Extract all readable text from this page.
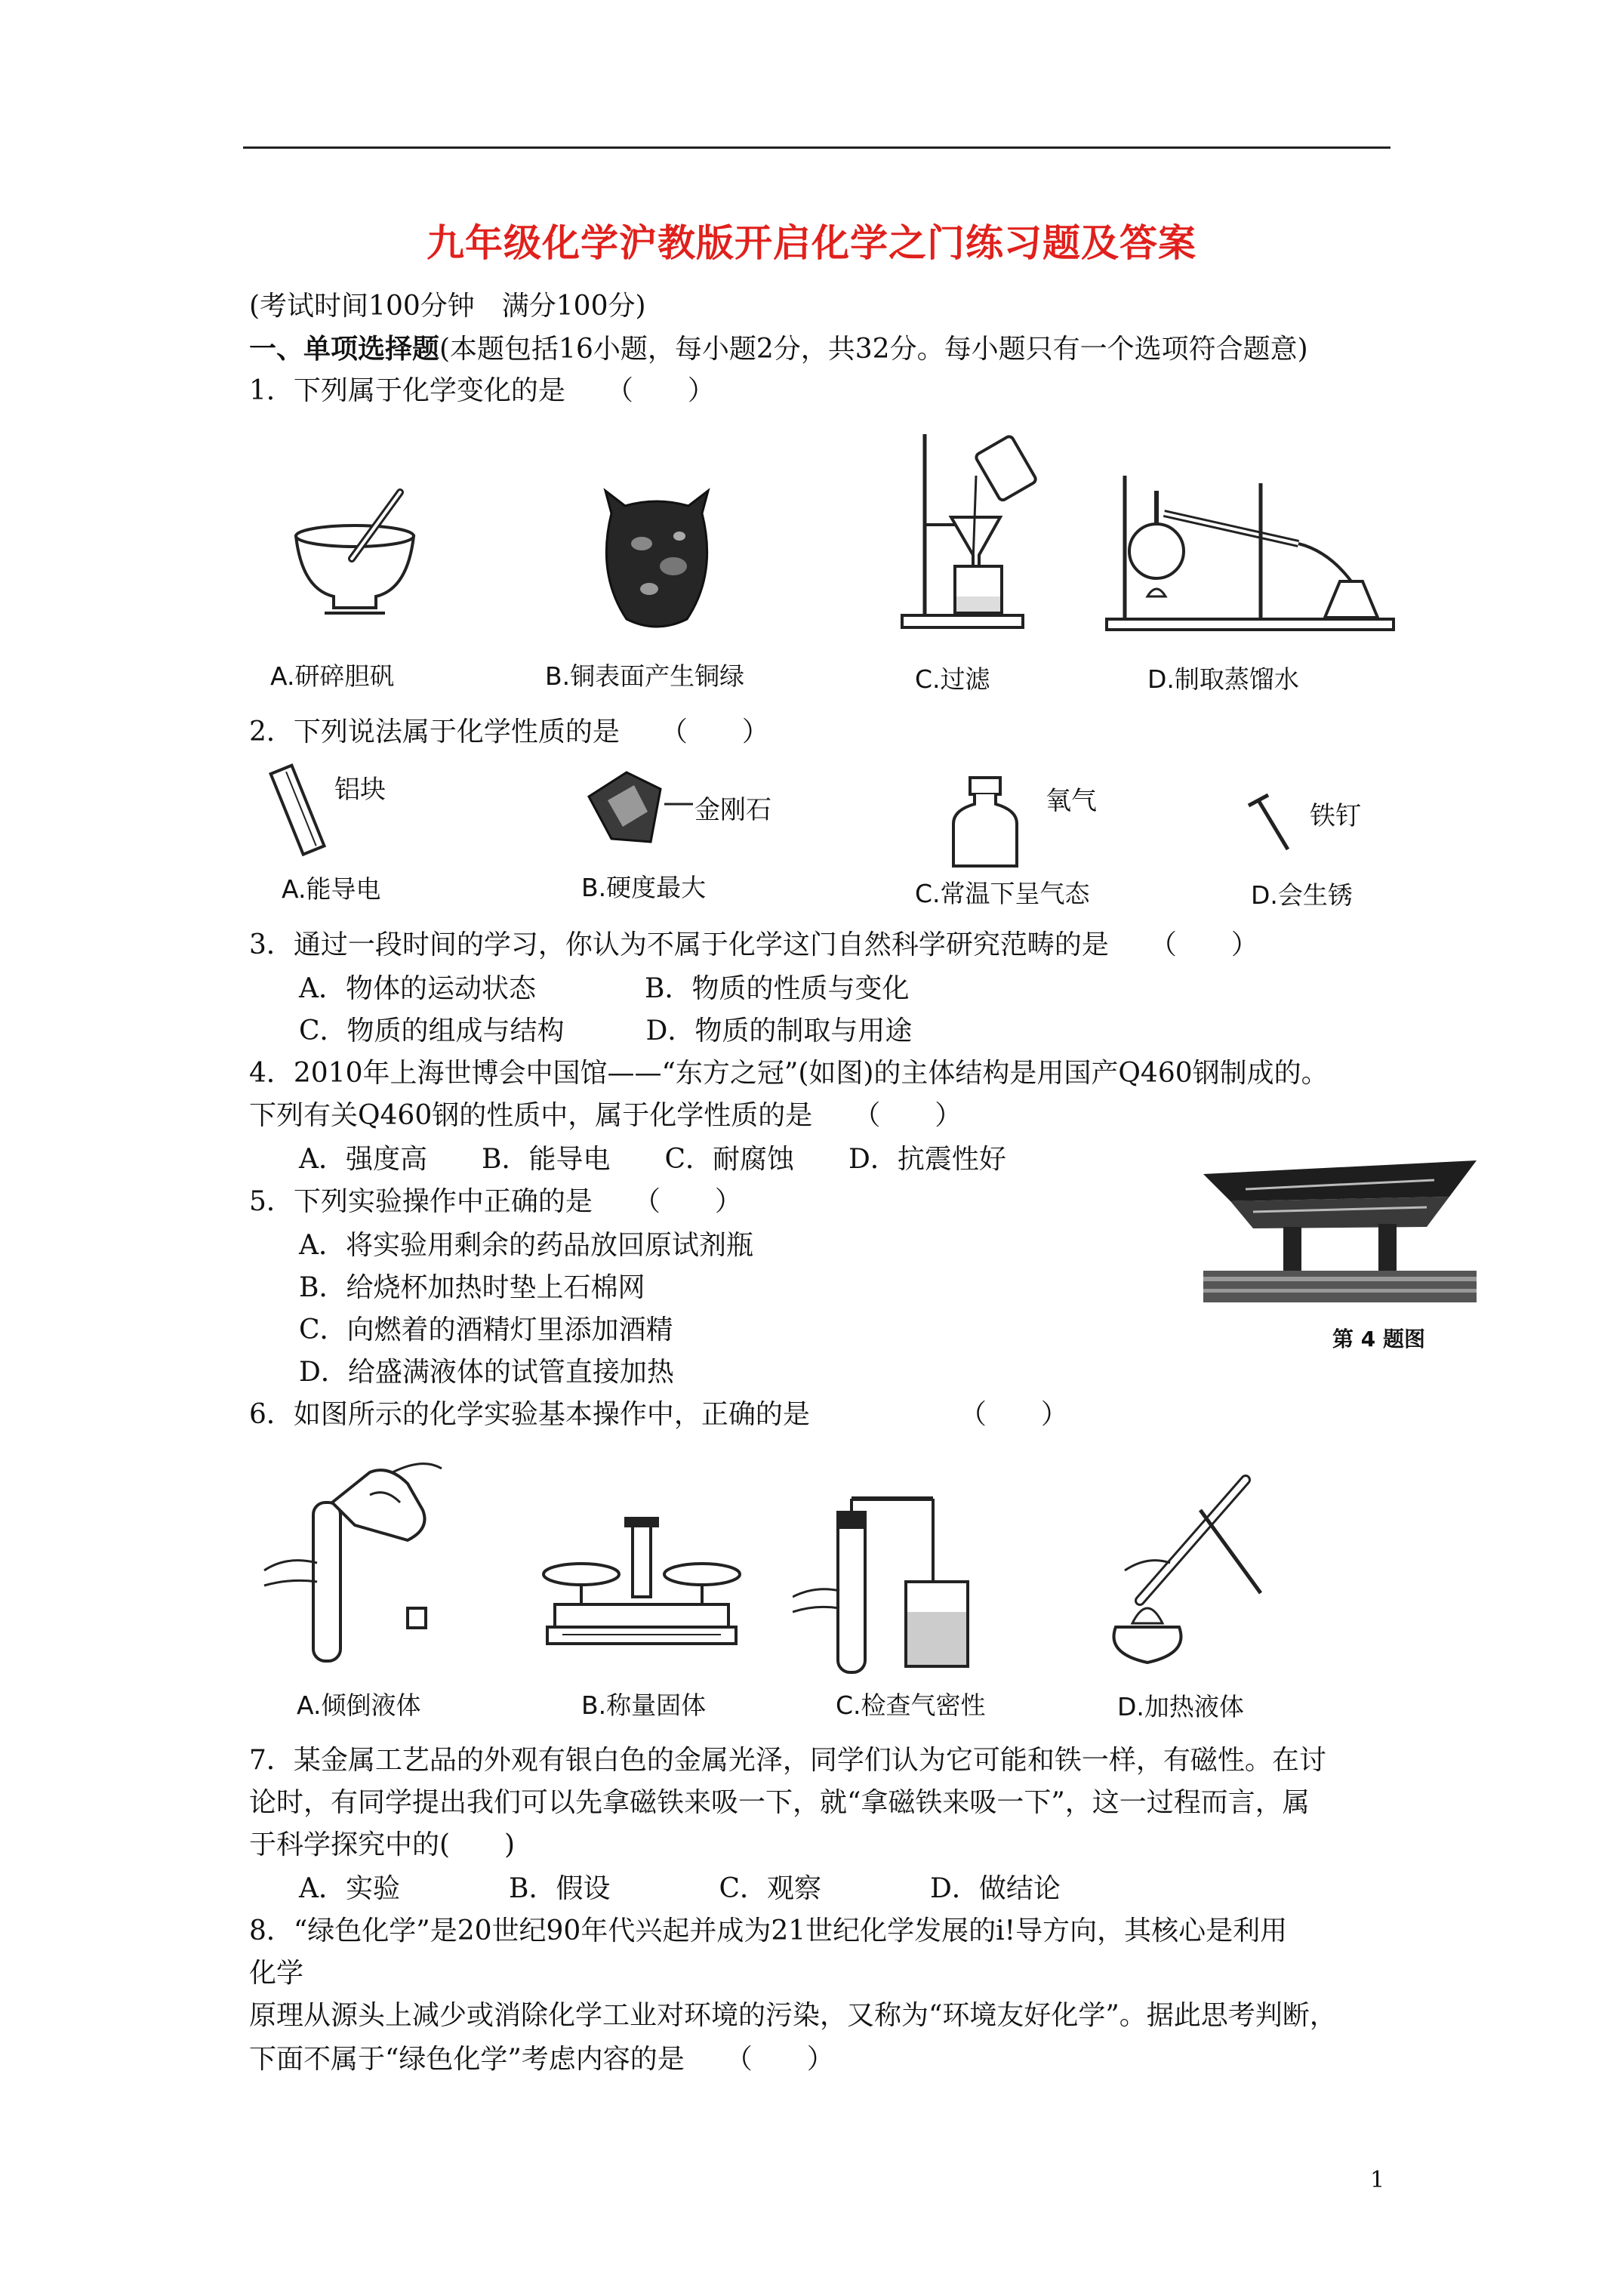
九年级化学沪教版开启化学之门练习题及答案
(考试时间100分钟　满分100分)
一、单项选择题(本题包括16小题，每小题2分，共32分。每小题只有一个选项符合题意)
1．下列属于化学变化的是　　（　　）
A.研碎胆矾	B.铜表面产生铜绿	C.过滤	D.制取蒸馏水
2．下列说法属于化学性质的是　　（　　）
铝块
金刚石	氧气	铁钉
A.能导电	B.硬度最大	C.常温下呈气态	D.会生锈
3．通过一段时间的学习，你认为不属于化学这门自然科学研究范畴的是　　（　　）
A．物体的运动状态　　　　B．物质的性质与变化
C．物质的组成与结构　　　D．物质的制取与用途
4．2010年上海世博会中国馆——“东方之冠”(如图)的主体结构是用国产Q460钢制成的。
下列有关Q460钢的性质中，属于化学性质的是　　（　　）
A．强度高　　B．能导电　　C．耐腐蚀　　D．抗震性好
第 4 题图
5．下列实验操作中正确的是　　（　　）
A．将实验用剩余的药品放回原试剂瓶
B．给烧杯加热时垫上石棉网
C．向燃着的酒精灯里添加酒精
D．给盛满液体的试管直接加热
6．如图所示的化学实验基本操作中，正确的是　　　　　　（　　）
A.倾倒液体	B.称量固体	C.检查气密性	D.加热液体
7．某金属工艺品的外观有银白色的金属光泽，同学们认为它可能和铁一样，有磁性。在讨
论时，有同学提出我们可以先拿磁铁来吸一下，就“拿磁铁来吸一下”，这一过程而言，属
于科学探究中的(　　)
A．实验　　　　B．假设　　　　C．观察　　　　D．做结论
8．“绿色化学”是20世纪90年代兴起并成为21世纪化学发展的i!导方向，其核心是利用
化学
原理从源头上减少或消除化学工业对环境的污染，又称为“环境友好化学”。据此思考判断，
下面不属于“绿色化学”考虑内容的是　　（　　）
1
